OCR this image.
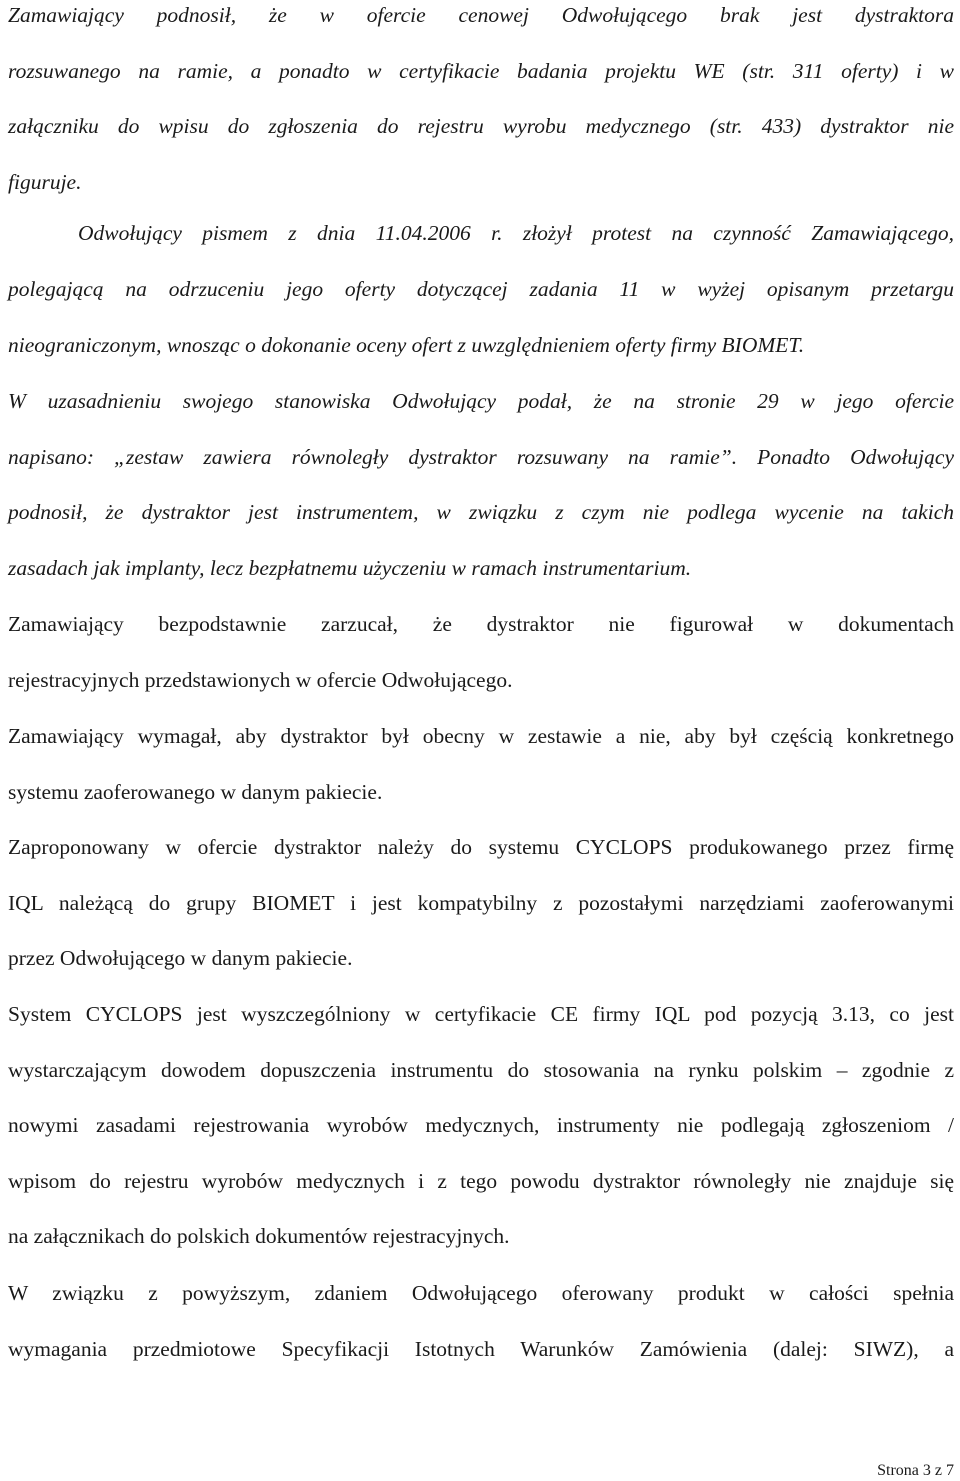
Zamawiający podnosił, że w ofercie cenowej Odwołującego brak jest dystraktora
rozsuwanego na ramie, a ponadto w certyfikacie badania projektu WE (str. 311 oferty) i w
załączniku do wpisu do zgłoszenia do rejestru wyrobu medycznego (str. 433) dystraktor nie
figuruje.
Odwołujący pismem z dnia 11.04.2006 r. złożył protest na czynność Zamawiającego,
polegającą na odrzuceniu jego oferty dotyczącej zadania 11 w wyżej opisanym przetargu
nieograniczonym, wnosząc o dokonanie oceny ofert z uwzględnieniem oferty firmy BIOMET.
W uzasadnieniu swojego stanowiska Odwołujący podał, że na stronie 29 w jego ofercie
napisano: „zestaw zawiera równoległy dystraktor rozsuwany na ramie”. Ponadto Odwołujący
podnosił, że dystraktor jest instrumentem, w związku z czym nie podlega wycenie na takich
zasadach jak implanty, lecz bezpłatnemu użyczeniu w ramach instrumentarium.
Zamawiający bezpodstawnie zarzucał, że dystraktor nie figurował w dokumentach
rejestracyjnych przedstawionych w ofercie Odwołującego.
Zamawiający wymagał, aby dystraktor był obecny w zestawie a nie, aby był częścią konkretnego
systemu zaoferowanego w danym pakiecie.
Zaproponowany w ofercie dystraktor należy do systemu CYCLOPS produkowanego przez firmę
IQL należącą do grupy BIOMET i jest kompatybilny z pozostałymi narzędziami zaoferowanymi
przez Odwołującego w danym pakiecie.
System CYCLOPS jest wyszczególniony w certyfikacie CE firmy IQL pod pozycją 3.13, co jest
wystarczającym dowodem dopuszczenia instrumentu do stosowania na rynku polskim – zgodnie z
nowymi zasadami rejestrowania wyrobów medycznych, instrumenty nie podlegają zgłoszeniom /
wpisom do rejestru wyrobów medycznych i z tego powodu dystraktor równoległy nie znajduje się
na załącznikach do polskich dokumentów rejestracyjnych.
W związku z powyższym, zdaniem Odwołującego oferowany produkt w całości spełnia
wymagania przedmiotowe Specyfikacji Istotnych Warunków Zamówienia (dalej: SIWZ), a
Strona 3 z 7
